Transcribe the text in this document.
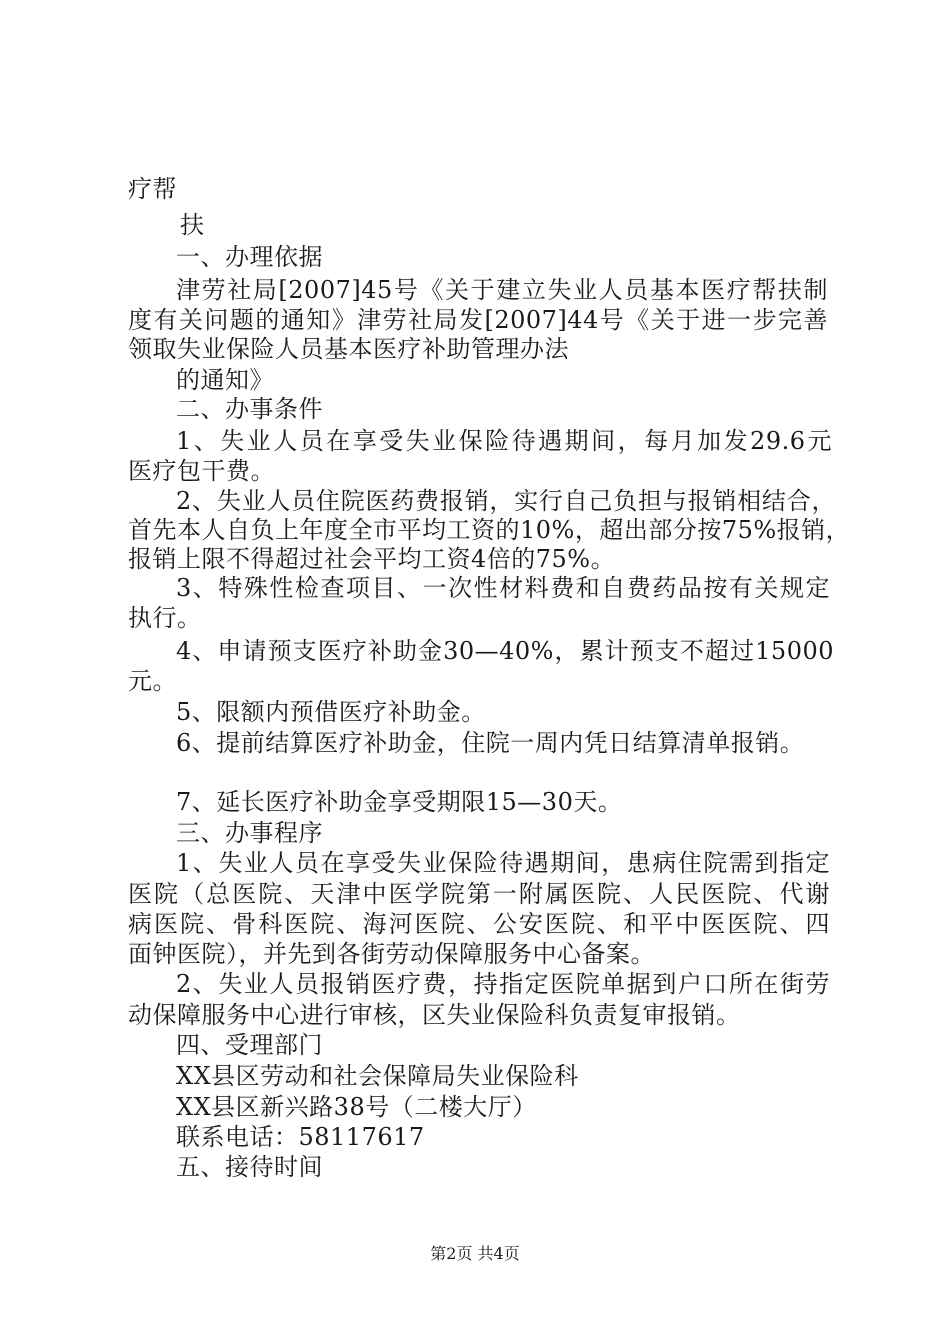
疗帮
扶
一、办理依据
津劳社局[2007]45号《关于建立失业人员基本医疗帮扶制
度有关问题的通知》津劳社局发[2007]44号《关于进一步完善
领取失业保险人员基本医疗补助管理办法
的通知》
二、办事条件
1、失业人员在享受失业保险待遇期间，每月加发29.6元
医疗包干费。
2、失业人员住院医药费报销，实行自己负担与报销相结合，
首先本人自负上年度全市平均工资的10%，超出部分按75%报销，
报销上限不得超过社会平均工资4倍的75%。
3、特殊性检查项目、一次性材料费和自费药品按有关规定
执行。
4、申请预支医疗补助金30—40%，累计预支不超过15000
元。
5、限额内预借医疗补助金。
6、提前结算医疗补助金，住院一周内凭日结算清单报销。
7、延长医疗补助金享受期限15—30天。
三、办事程序
1、失业人员在享受失业保险待遇期间，患病住院需到指定
医院（总医院、天津中医学院第一附属医院、人民医院、代谢
病医院、骨科医院、海河医院、公安医院、和平中医医院、四
面钟医院），并先到各街劳动保障服务中心备案。
2、失业人员报销医疗费，持指定医院单据到户口所在街劳
动保障服务中心进行审核，区失业保险科负责复审报销。
四、受理部门
XX县区劳动和社会保障局失业保险科
XX县区新兴路38号（二楼大厅）
联系电话：58117617
五、接待时间
第2页 共4页
